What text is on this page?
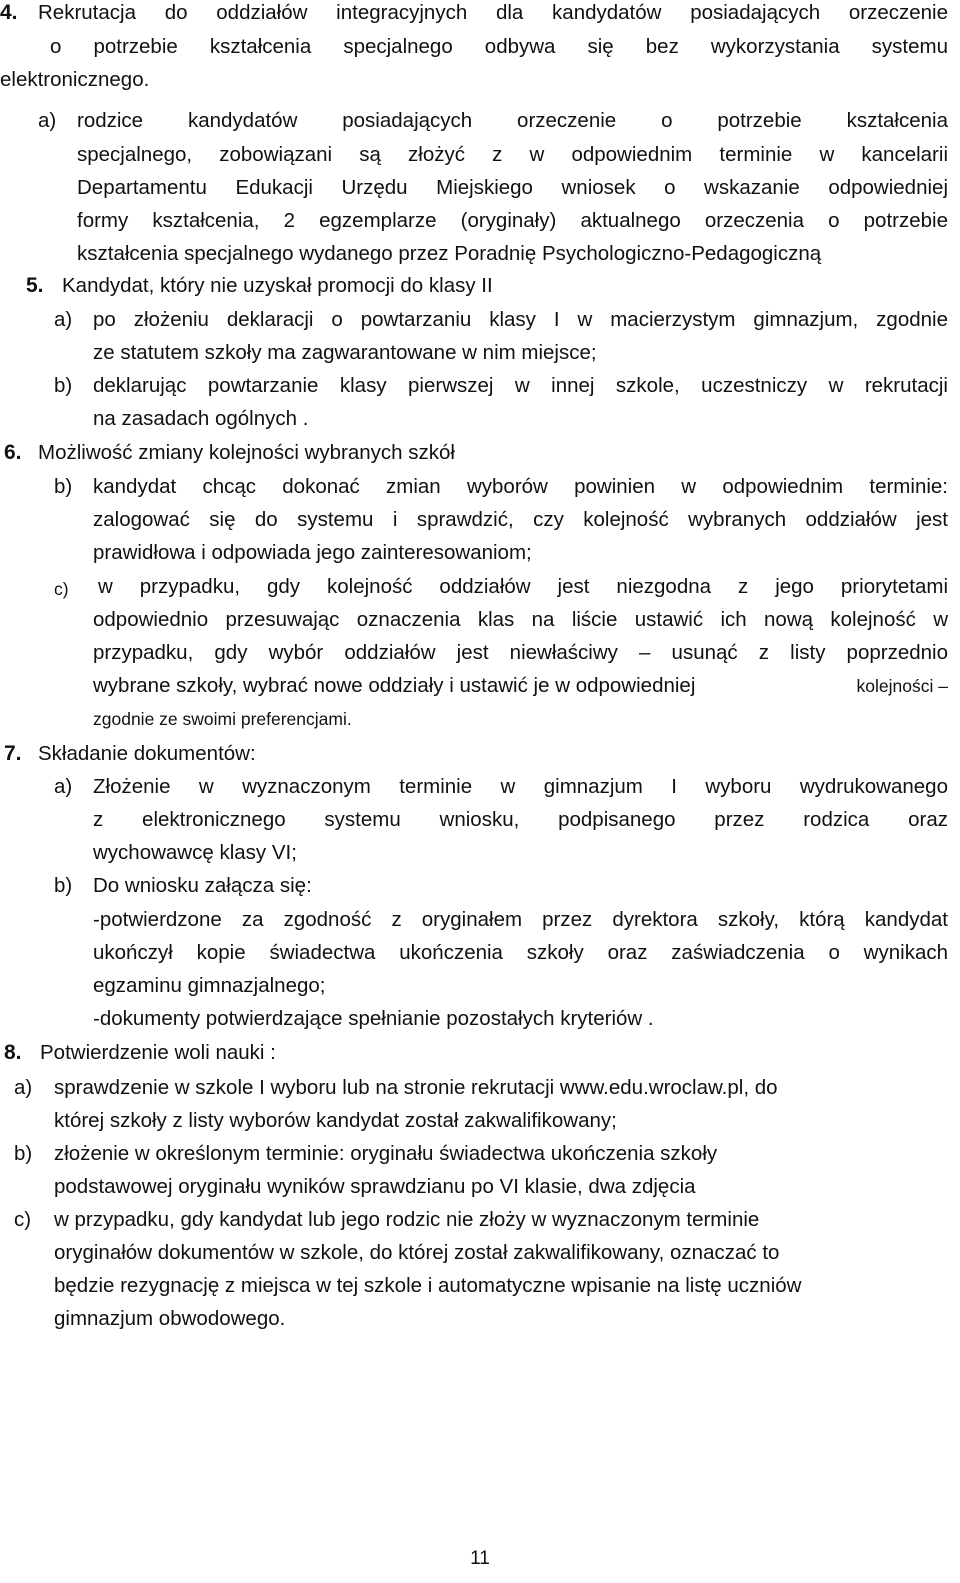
4. Rekrutacja do oddziałów integracyjnych dla kandydatów posiadających orzeczenie
o potrzebie kształcenia specjalnego odbywa się bez wykorzystania systemu
elektronicznego.
a) rodzice kandydatów posiadających orzeczenie o potrzebie kształcenia
specjalnego, zobowiązani są złożyć z w odpowiednim terminie w kancelarii
Departamentu Edukacji Urzędu Miejskiego wniosek o wskazanie odpowiedniej
formy kształcenia, 2 egzemplarze (oryginały) aktualnego orzeczenia o potrzebie
kształcenia specjalnego wydanego przez Poradnię Psychologiczno-Pedagogiczną
5. Kandydat, który nie uzyskał promocji do klasy II
a) po złożeniu deklaracji o powtarzaniu klasy I w macierzystym gimnazjum, zgodnie
ze statutem szkoły ma zagwarantowane w nim miejsce;
b) deklarując powtarzanie klasy pierwszej w innej szkole, uczestniczy w rekrutacji
na zasadach ogólnych .
6. Możliwość zmiany kolejności wybranych szkół
b) kandydat chcąc dokonać zmian wyborów powinien w odpowiednim terminie:
zalogować się do systemu i sprawdzić, czy kolejność wybranych oddziałów jest
prawidłowa i odpowiada jego zainteresowaniom;
c) w przypadku, gdy kolejność oddziałów jest niezgodna z jego priorytetami
odpowiednio przesuwając oznaczenia klas na liście ustawić ich nową kolejność w
przypadku, gdy wybór oddziałów jest niewłaściwy – usunąć z listy poprzednio
wybrane szkoły, wybrać nowe oddziały i ustawić je w odpowiedniej	kolejności –
zgodnie ze swoimi preferencjami.
7. Składanie dokumentów:
a) Złożenie w wyznaczonym terminie w gimnazjum I wyboru wydrukowanego
z elektronicznego systemu wniosku, podpisanego przez rodzica oraz
wychowawcę klasy VI;
b) Do wniosku załącza się:
-potwierdzone za zgodność z oryginałem przez dyrektora szkoły, którą kandydat
ukończył kopie świadectwa ukończenia szkoły oraz zaświadczenia o wynikach
egzaminu gimnazjalnego;
-dokumenty potwierdzające spełnianie pozostałych kryteriów .
8. Potwierdzenie woli nauki :
a) sprawdzenie w szkole I wyboru lub na stronie rekrutacji www.edu.wroclaw.pl, do
której szkoły z listy wyborów kandydat został zakwalifikowany;
b) złożenie w określonym terminie: oryginału świadectwa ukończenia szkoły
podstawowej oryginału wyników sprawdzianu po VI klasie, dwa zdjęcia
c) w przypadku, gdy kandydat lub jego rodzic nie złoży w wyznaczonym terminie
oryginałów dokumentów w szkole, do której został zakwalifikowany, oznaczać to
będzie rezygnację z miejsca w tej szkole i automatyczne wpisanie na listę uczniów
gimnazjum obwodowego.
11
